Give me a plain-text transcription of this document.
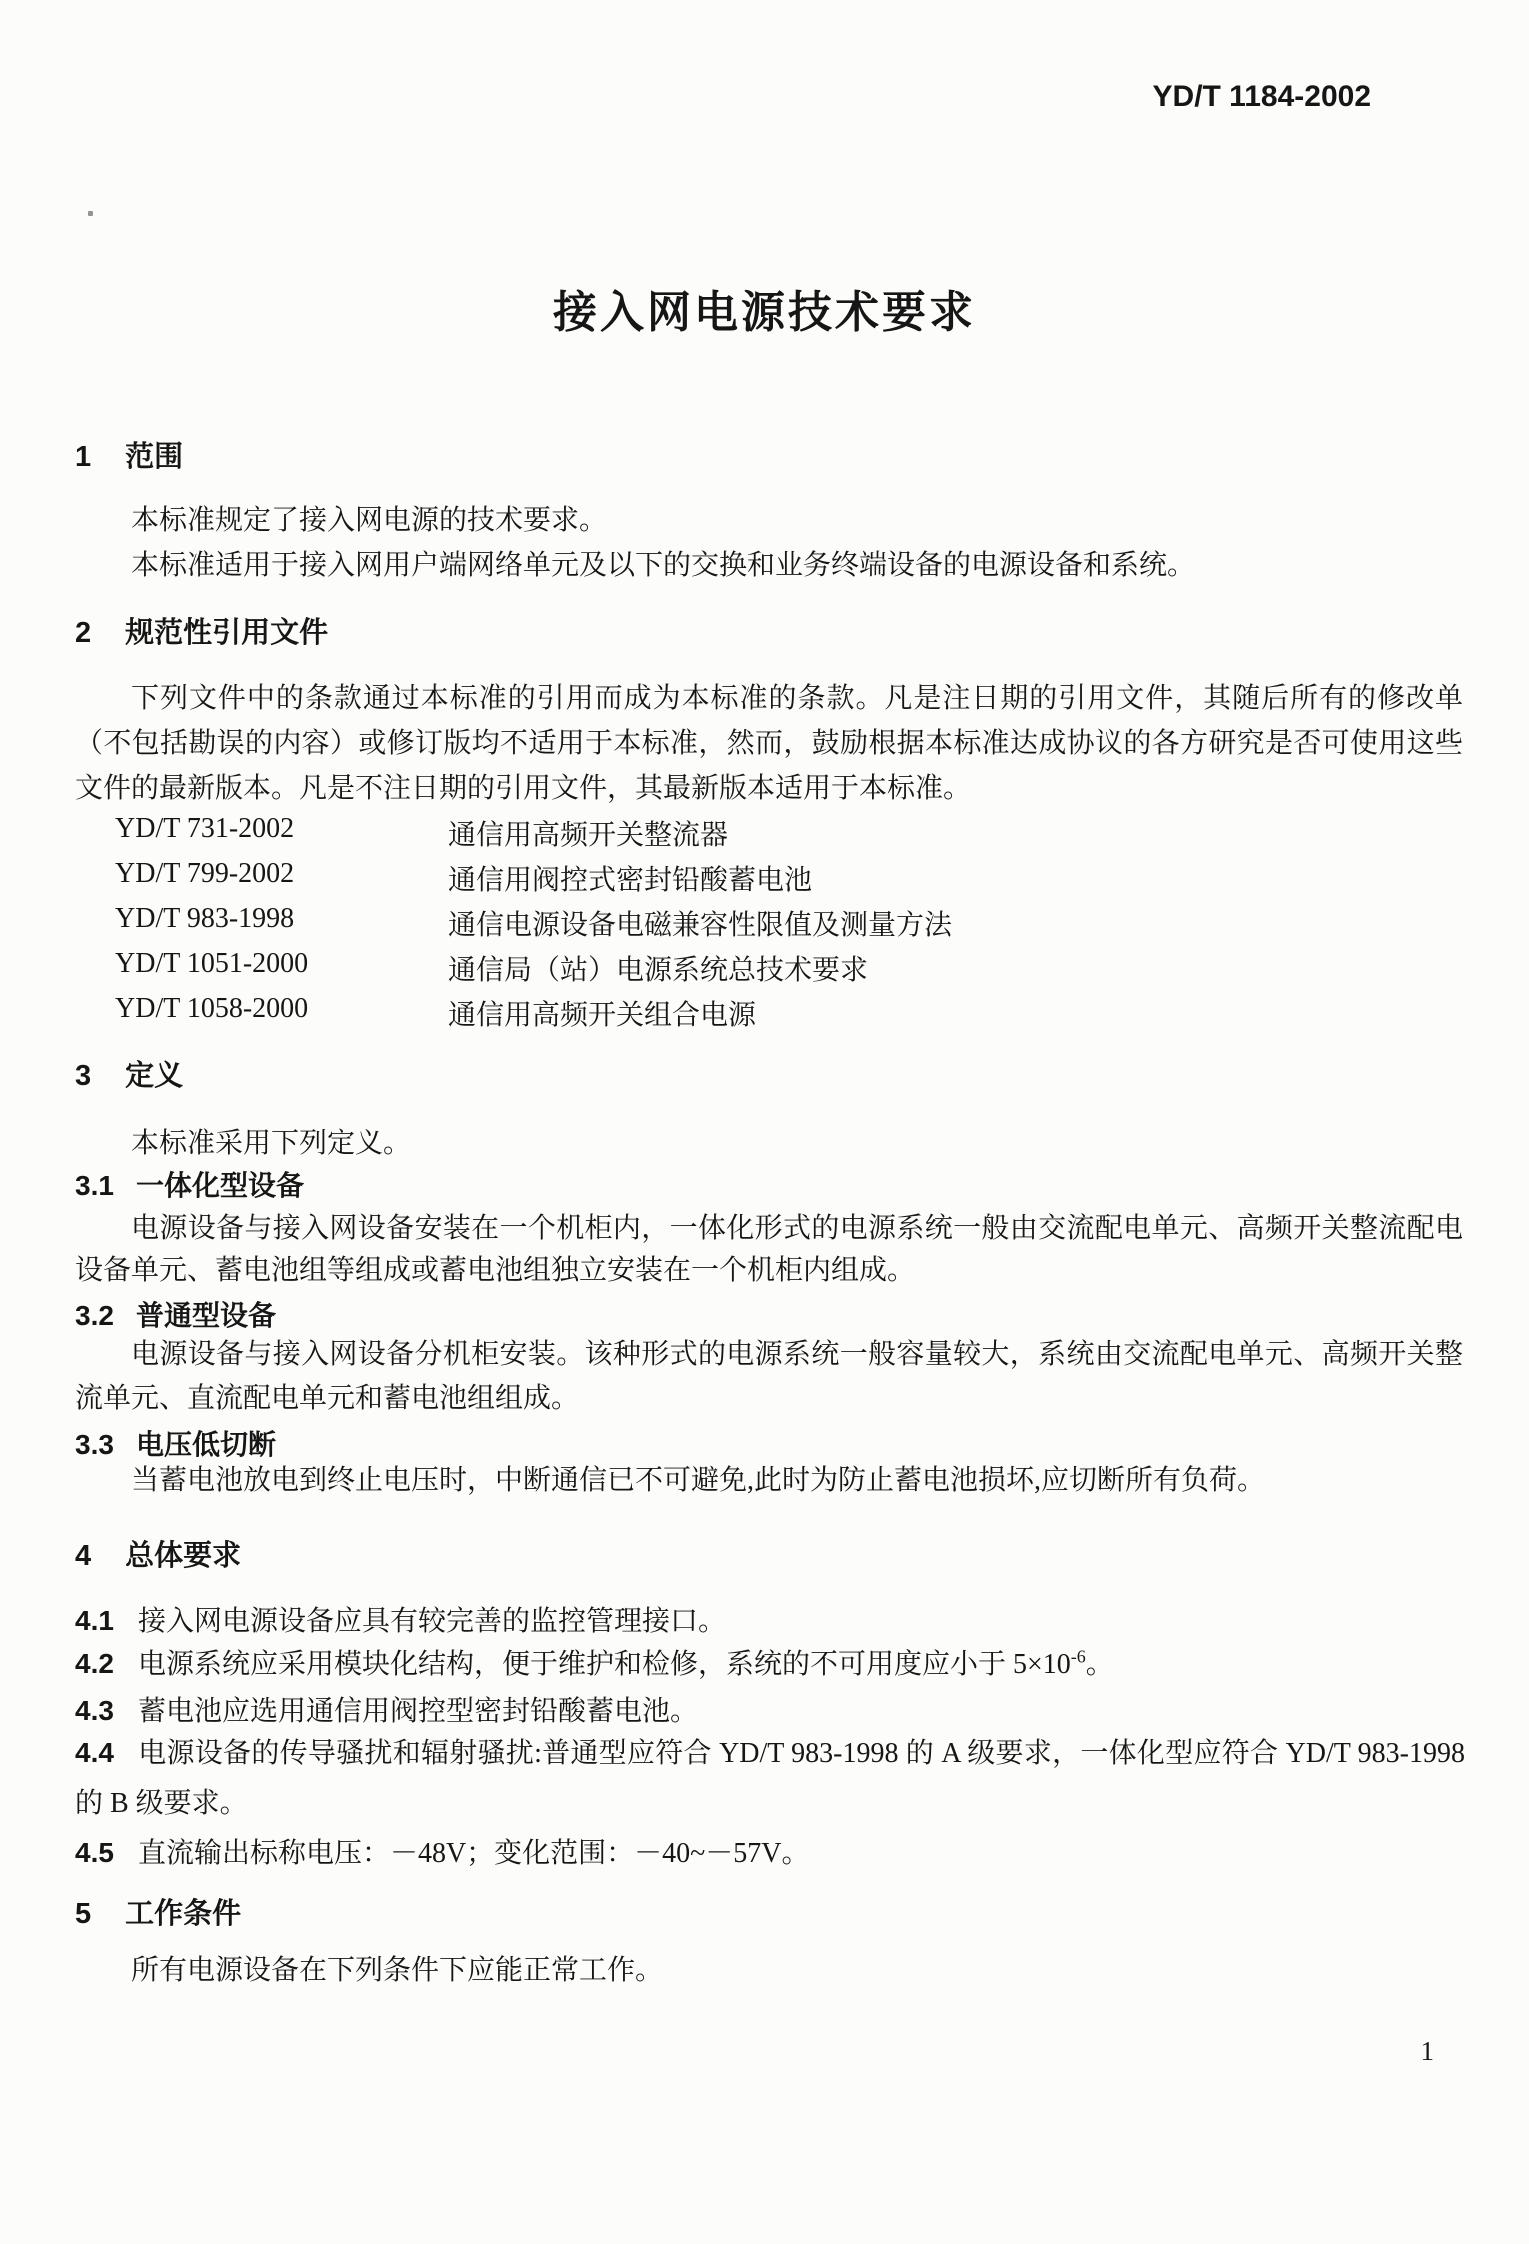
YD/T 1184-2002
接入网电源技术要求
1 范围
本标准规定了接入网电源的技术要求。
本标准适用于接入网用户端网络单元及以下的交换和业务终端设备的电源设备和系统。
2 规范性引用文件
下列文件中的条款通过本标准的引用而成为本标准的条款。凡是注日期的引用文件，其随后所有的修改单（不包括勘误的内容）或修订版均不适用于本标准，然而，鼓励根据本标准达成协议的各方研究是否可使用这些文件的最新版本。凡是不注日期的引用文件，其最新版本适用于本标准。
YD/T 731-2002	通信用高频开关整流器
YD/T 799-2002	通信用阀控式密封铅酸蓄电池
YD/T 983-1998	通信电源设备电磁兼容性限值及测量方法
YD/T 1051-2000	通信局（站）电源系统总技术要求
YD/T 1058-2000	通信用高频开关组合电源
3 定义
本标准采用下列定义。
3.1 一体化型设备
电源设备与接入网设备安装在一个机柜内，一体化形式的电源系统一般由交流配电单元、高频开关整流配电设备单元、蓄电池组等组成或蓄电池组独立安装在一个机柜内组成。
3.2 普通型设备
电源设备与接入网设备分机柜安装。该种形式的电源系统一般容量较大，系统由交流配电单元、高频开关整流单元、直流配电单元和蓄电池组组成。
3.3 电压低切断
当蓄电池放电到终止电压时，中断通信已不可避免,此时为防止蓄电池损坏,应切断所有负荷。
4 总体要求
4.1 接入网电源设备应具有较完善的监控管理接口。
4.2 电源系统应采用模块化结构，便于维护和检修，系统的不可用度应小于 $5\times 10^{-6}$。
4.3 蓄电池应选用通信用阀控型密封铅酸蓄电池。
4.4 电源设备的传导骚扰和辐射骚扰:普通型应符合 YD/T 983-1998 的 A 级要求，一体化型应符合 YD/T 983-1998 的 B 级要求。
4.5 直流输出标称电压：－48V；变化范围：－40~－57V。
5 工作条件
所有电源设备在下列条件下应能正常工作。
1
